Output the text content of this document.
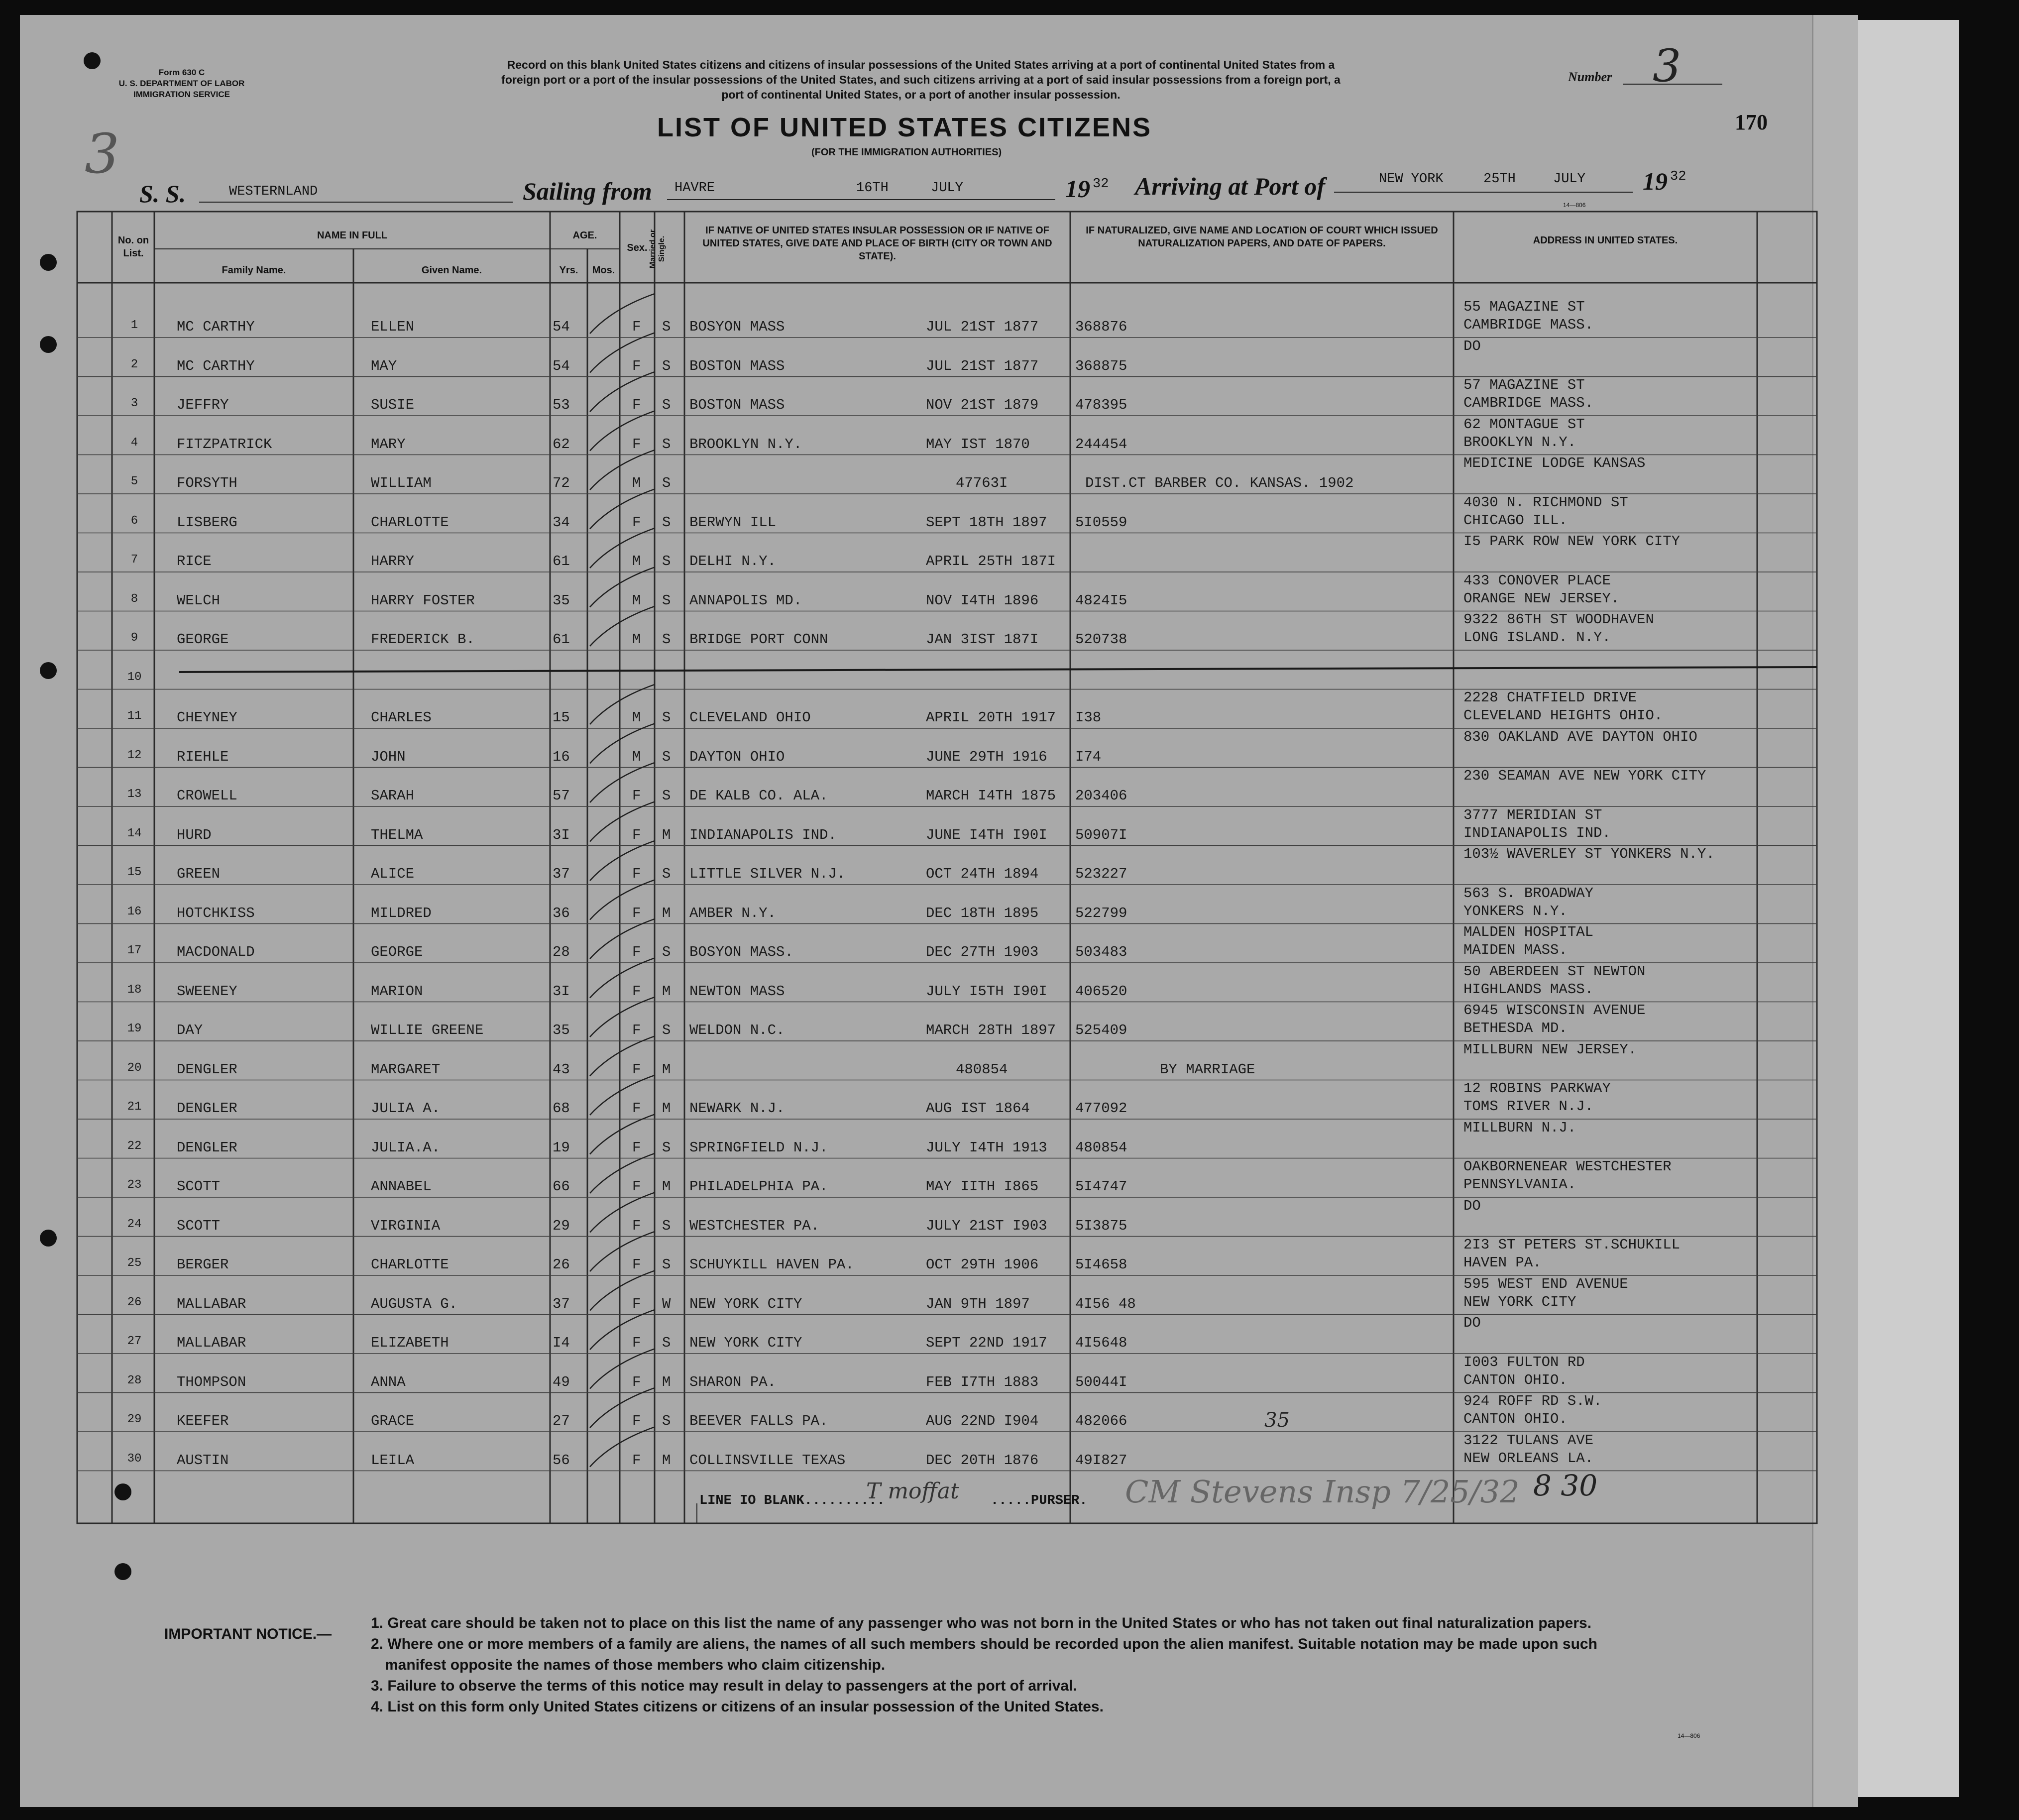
Form 630 C
U. S. DEPARTMENT OF LABOR
IMMIGRATION SERVICE
Record on this blank United States citizens and citizens of insular possessions of the United States arriving at a port of continental United States from a
foreign port or a port of the insular possessions of the United States, and such citizens arriving at a port of said insular possessions from a foreign port, a
port of continental United States, or a port of another insular possession.
Number 3
170
3	LIST OF UNITED STATES CITIZENS
(FOR THE IMMIGRATION AUTHORITIES)
S. S.	WESTERNLAND	Sailing from HAVRE	16TH	JULY	19 32 Arriving at Port of	NEW YORK	25TH	JULY 19 32
14—806
No. on List.
NAME IN FULL
Family Name.	Given Name.
AGE.
Yrs.	Mos.
Sex. Married or Single.
IF NATIVE OF UNITED STATES INSULAR POSSESSION OR IF NATIVE OF UNITED STATES, GIVE DATE AND PLACE OF BIRTH (CITY OR TOWN AND STATE).
IF NATURALIZED, GIVE NAME AND LOCATION OF COURT WHICH ISSUED NATURALIZATION PAPERS, AND DATE OF PAPERS.	ADDRESS IN UNITED STATES.
1	MC CARTHY	ELLEN	54	F S BOSYON MASS	JUL 21ST 1877	368876
55 MAGAZINE ST
CAMBRIDGE MASS.
2	MC CARTHY	MAY	54	F S BOSTON MASS	JUL 21ST 1877	368875
DO
3	JEFFRY	SUSIE	53	F S BOSTON MASS	NOV 21ST 1879	478395
57 MAGAZINE ST
CAMBRIDGE MASS.
4	FITZPATRICK	MARY	62	F S BROOKLYN N.Y.	MAY IST 1870	244454
62 MONTAGUE ST
BROOKLYN N.Y.
5	FORSYTH	WILLIAM	72	M S	47763I	DIST.CT BARBER CO. KANSAS. 1902
MEDICINE LODGE KANSAS
6	LISBERG	CHARLOTTE	34	F S BERWYN ILL	SEPT 18TH 1897 5I0559
4030 N. RICHMOND ST
CHICAGO ILL.
7	RICE	HARRY	61	M S DELHI N.Y.	APRIL 25TH 187I
I5 PARK ROW NEW YORK CITY
8	WELCH	HARRY FOSTER	35	M S ANNAPOLIS MD.	NOV I4TH 1896	4824I5
433 CONOVER PLACE
ORANGE NEW JERSEY.
9	GEORGE	FREDERICK B.	61	M S BRIDGE PORT CONN	JAN 3IST 187I	520738
9322 86TH ST WOODHAVEN
LONG ISLAND. N.Y.
10
11	CHEYNEY	CHARLES	15	M S CLEVELAND OHIO	APRIL 20TH 1917 I38
2228 CHATFIELD DRIVE
CLEVELAND HEIGHTS OHIO.
12	RIEHLE	JOHN	16	M S DAYTON OHIO	JUNE 29TH 1916 I74
830 OAKLAND AVE DAYTON OHIO
13	CROWELL	SARAH	57	F S DE KALB CO. ALA.	MARCH I4TH 1875 203406
230 SEAMAN AVE NEW YORK CITY
14	HURD	THELMA	3I	F M INDIANAPOLIS IND.	JUNE I4TH I90I 50907I
3777 MERIDIAN ST
INDIANAPOLIS IND.
15	GREEN	ALICE	37	F S LITTLE SILVER N.J.	OCT 24TH 1894	523227
103½ WAVERLEY ST YONKERS N.Y.
16	HOTCHKISS	MILDRED	36	F M AMBER N.Y.	DEC 18TH 1895	522799
563 S. BROADWAY
YONKERS N.Y.
17	MACDONALD	GEORGE	28	F S BOSYON MASS.	DEC 27TH 1903	503483
MALDEN HOSPITAL
MAIDEN MASS.
18	SWEENEY	MARION	3I	F M NEWTON MASS	JULY I5TH I90I 406520
50 ABERDEEN ST NEWTON
HIGHLANDS MASS.
19	DAY	WILLIE GREENE	35	F S WELDON N.C.	MARCH 28TH 1897 525409
6945 WISCONSIN AVENUE
BETHESDA MD.
20	DENGLER	MARGARET	43	F M	480854	BY MARRIAGE
MILLBURN NEW JERSEY.
21	DENGLER	JULIA A.	68	F M NEWARK N.J.	AUG IST 1864	477092
12 ROBINS PARKWAY
TOMS RIVER N.J.
22	DENGLER	JULIA.A.	19	F S SPRINGFIELD N.J.	JULY I4TH 1913 480854
MILLBURN N.J.
23	SCOTT	ANNABEL	66	F M PHILADELPHIA PA.	MAY IITH I865	5I4747
OAKBORNENEAR WESTCHESTER
PENNSYLVANIA.
24	SCOTT	VIRGINIA	29	F S WESTCHESTER PA.	JULY 21ST I903 5I3875
DO
25	BERGER	CHARLOTTE	26	F S SCHUYKILL HAVEN PA.	OCT 29TH 1906	5I4658
2I3 ST PETERS ST.SCHUKILL
HAVEN PA.
26	MALLABAR	AUGUSTA G.	37	F W NEW YORK CITY	JAN 9TH 1897	4I56 48
595 WEST END AVENUE
NEW YORK CITY
27	MALLABAR	ELIZABETH	I4	F S NEW YORK CITY	SEPT 22ND 1917 4I5648
DO
28	THOMPSON	ANNA	49	F M SHARON PA.	FEB I7TH 1883	50044I
I003 FULTON RD
CANTON OHIO.
29	KEEFER	GRACE	27	F S BEEVER FALLS PA.	AUG 22ND I904	482066
924 ROFF RD S.W.
CANTON OHIO.
30	AUSTIN	LEILA	56	F M COLLINSVILLE TEXAS	DEC 20TH 1876	49I827
3122 TULANS AVE
NEW ORLEANS LA.
LINE IO BLANK..........
T moffat .....PURSER. CM Stevens Insp 7/25/32 8 30
35
IMPORTANT NOTICE.—
1. Great care should be taken not to place on this list the name of any passenger who was not born in the United States or who has not taken out final naturalization papers.
2. Where one or more members of a family are aliens, the names of all such members should be recorded upon the alien manifest. Suitable notation may be made upon such
manifest opposite the names of those members who claim citizenship.
3. Failure to observe the terms of this notice may result in delay to passengers at the port of arrival.
4. List on this form only United States citizens or citizens of an insular possession of the United States.
14—806
